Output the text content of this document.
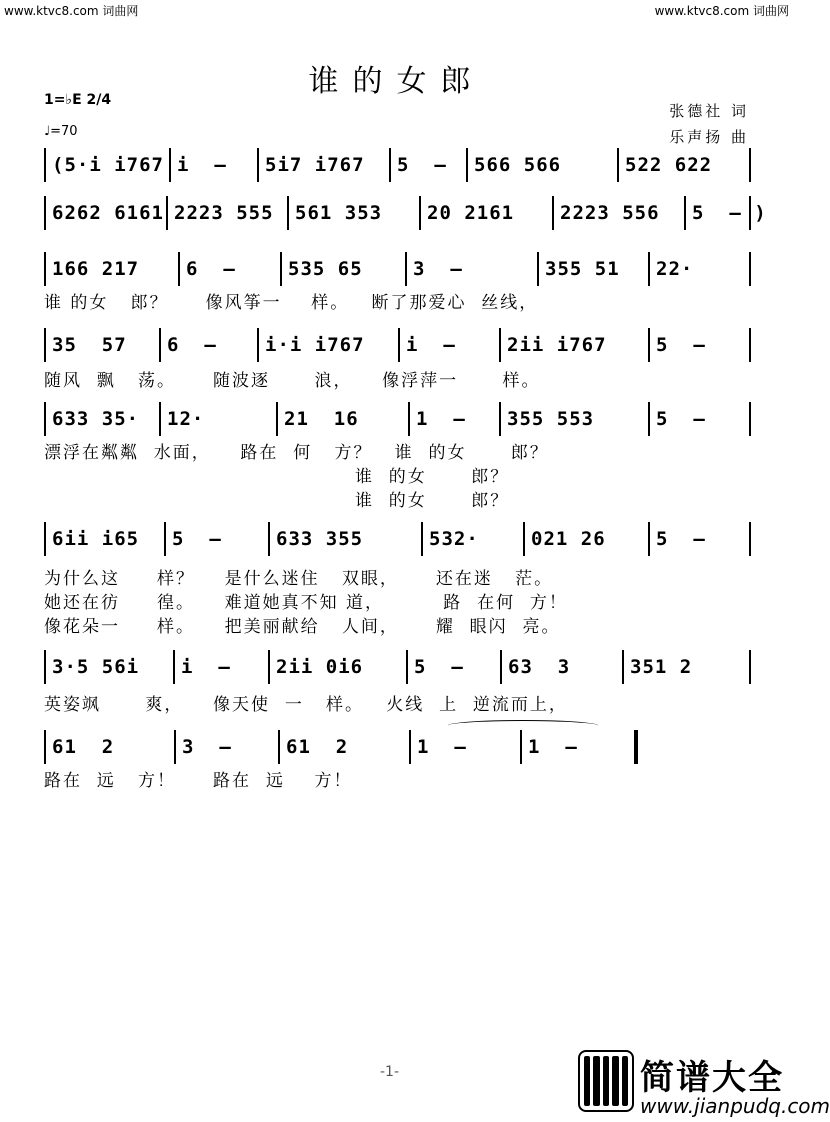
www.ktvc8.com 词曲网	www.ktvc8.com 词曲网
谁的女郎
1=♭E 2/4
♩=70
张德社 词
乐声扬 曲
(5·i i767 i  – 5i7 i767 5  – 566 566	522 622
6262 6161 2223 555 561 353 20 2161 2223 556 5  – )
166 217 6  –	535 65	3  –	355 51 22·
35  57 6  –	i·i i767 i  –	2ii i767	5  –
633 35· 12·	21  16	1  – 355 553	5  –
6ii i65 5  –	633 355	532·	021 26	5  –
3·5 56i i  – 2ii 0i6	5  – 63  3	351 2
61  2	3  –	61  2	1  –	1  –
谁 的女   郎？     像风筝一    样。   断了那爱心  丝线，
随风  飘   荡。     随波逐      浪，    像浮萍一      样。
漂浮在粼粼  水面，    路在  何   方？   谁  的女      郎？
谁  的女      郎？
谁  的女      郎？
为什么这     样？    是什么迷住   双眼，     还在迷   茫。
她还在彷     徨。    难道她真不知 道，        路  在何  方！
像花朵一     样。    把美丽献给   人间，     耀  眼闪  亮。
英姿飒      爽，    像天使  一   样。   火线  上  逆流而上，
路在  远   方！     路在  远    方！
-1-	简谱大全
www.jianpudq.com
